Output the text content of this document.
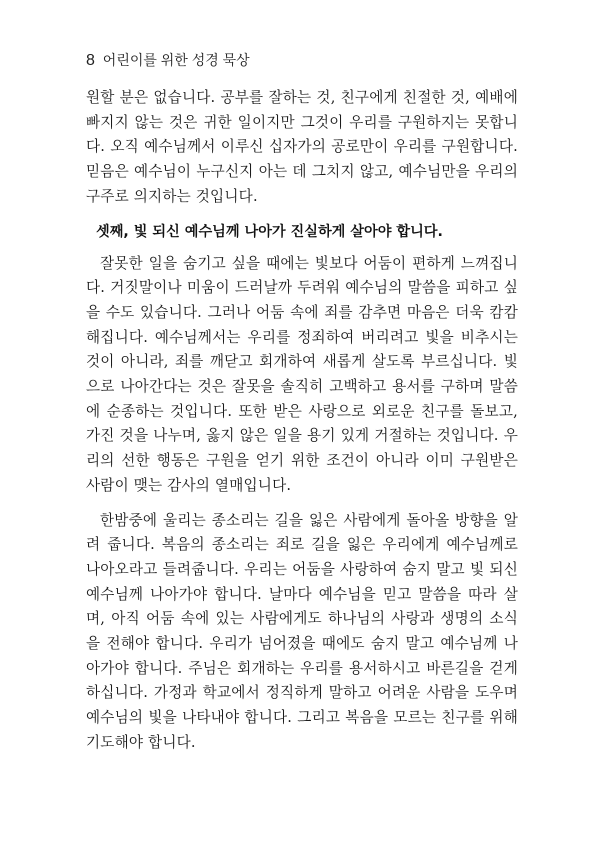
8 어린이를 위한 성경 묵상

원할 분은 없습니다. 공부를 잘하는 것, 친구에게 친절한 것, 예배에 빠지지 않는 것은 귀한 일이지만 그것이 우리를 구원하지는 못합니다. 오직 예수님께서 이루신 십자가의 공로만이 우리를 구원합니다. 믿음은 예수님이 누구신지 아는 데 그치지 않고, 예수님만을 우리의 구주로 의지하는 것입니다.

셋째, 빛 되신 예수님께 나아가 진실하게 살아야 합니다.

잘못한 일을 숨기고 싶을 때에는 빛보다 어둠이 편하게 느껴집니다. 거짓말이나 미움이 드러날까 두려워 예수님의 말씀을 피하고 싶을 수도 있습니다. 그러나 어둠 속에 죄를 감추면 마음은 더욱 캄캄해집니다. 예수님께서는 우리를 정죄하여 버리려고 빛을 비추시는 것이 아니라, 죄를 깨닫고 회개하여 새롭게 살도록 부르십니다. 빛으로 나아간다는 것은 잘못을 솔직히 고백하고 용서를 구하며 말씀에 순종하는 것입니다. 또한 받은 사랑으로 외로운 친구를 돌보고, 가진 것을 나누며, 옳지 않은 일을 용기 있게 거절하는 것입니다. 우리의 선한 행동은 구원을 얻기 위한 조건이 아니라 이미 구원받은 사람이 맺는 감사의 열매입니다.

한밤중에 울리는 종소리는 길을 잃은 사람에게 돌아올 방향을 알려 줍니다. 복음의 종소리는 죄로 길을 잃은 우리에게 예수님께로 나아오라고 들려줍니다. 우리는 어둠을 사랑하여 숨지 말고 빛 되신 예수님께 나아가야 합니다. 날마다 예수님을 믿고 말씀을 따라 살며, 아직 어둠 속에 있는 사람에게도 하나님의 사랑과 생명의 소식을 전해야 합니다. 우리가 넘어졌을 때에도 숨지 말고 예수님께 나아가야 합니다. 주님은 회개하는 우리를 용서하시고 바른길을 걷게 하십니다. 가정과 학교에서 정직하게 말하고 어려운 사람을 도우며 예수님의 빛을 나타내야 합니다. 그리고 복음을 모르는 친구를 위해 기도해야 합니다.
